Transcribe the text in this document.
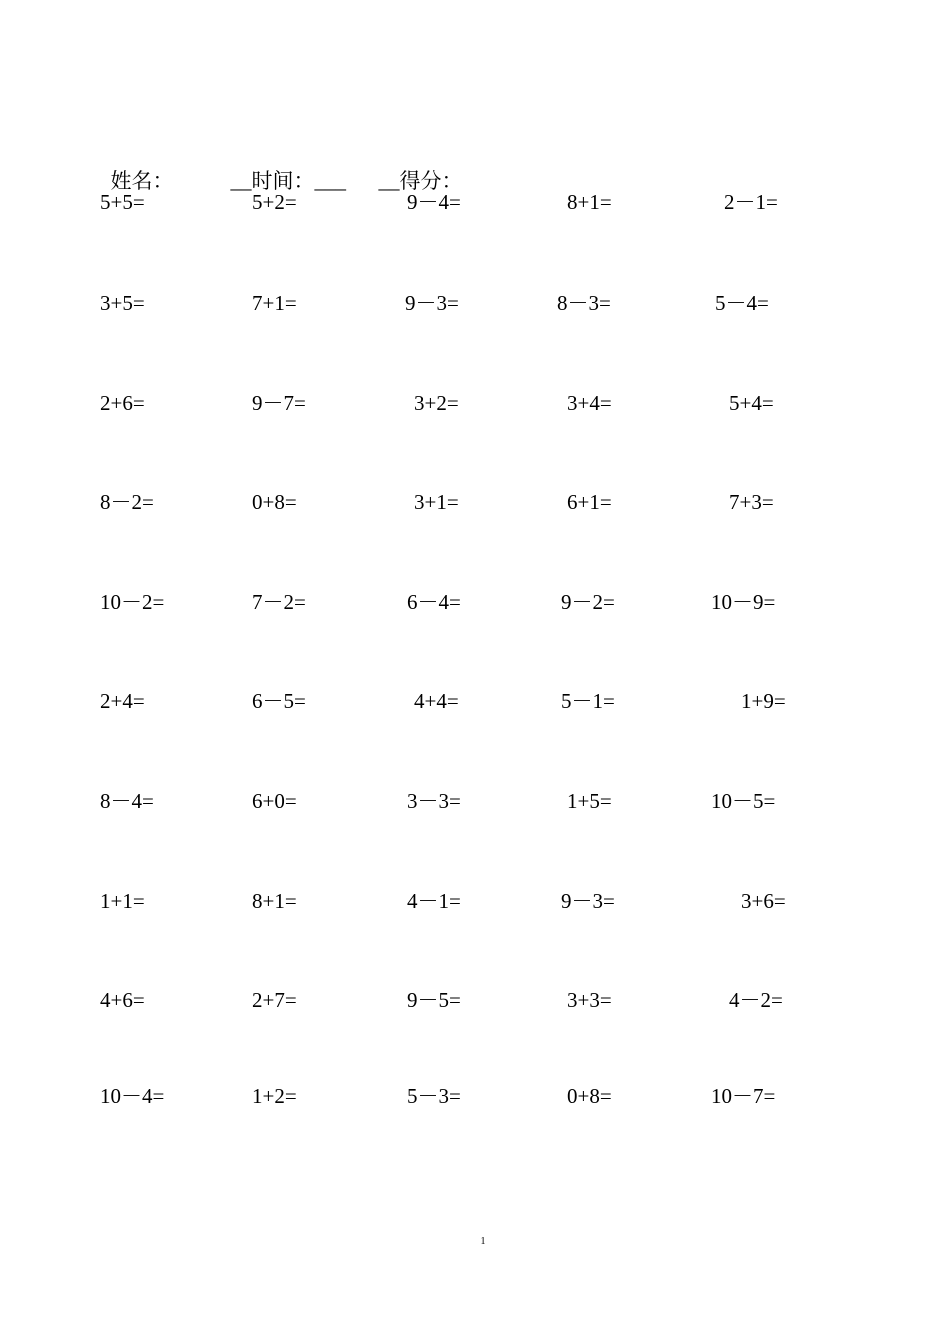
姓名：	__时间：___ __得分：

5+5=	5+2=	9－4=	8+1=	2－1=
3+5=	7+1=	9－3=	8－3=	5－4=
2+6=	9－7=	3+2=	3+4=	5+4=
8－2=	0+8=	3+1=	6+1=	7+3=
10－2=	7－2=	6－4=	9－2=	10－9=
2+4=	6－5=	4+4=	5－1=	1+9=
8－4=	6+0=	3－3=	1+5=	10－5=
1+1=	8+1=	4－1=	9－3=	3+6=
4+6=	2+7=	9－5=	3+3=	4－2=
10－4=	1+2=	5－3=	0+8=	10－7=
1
